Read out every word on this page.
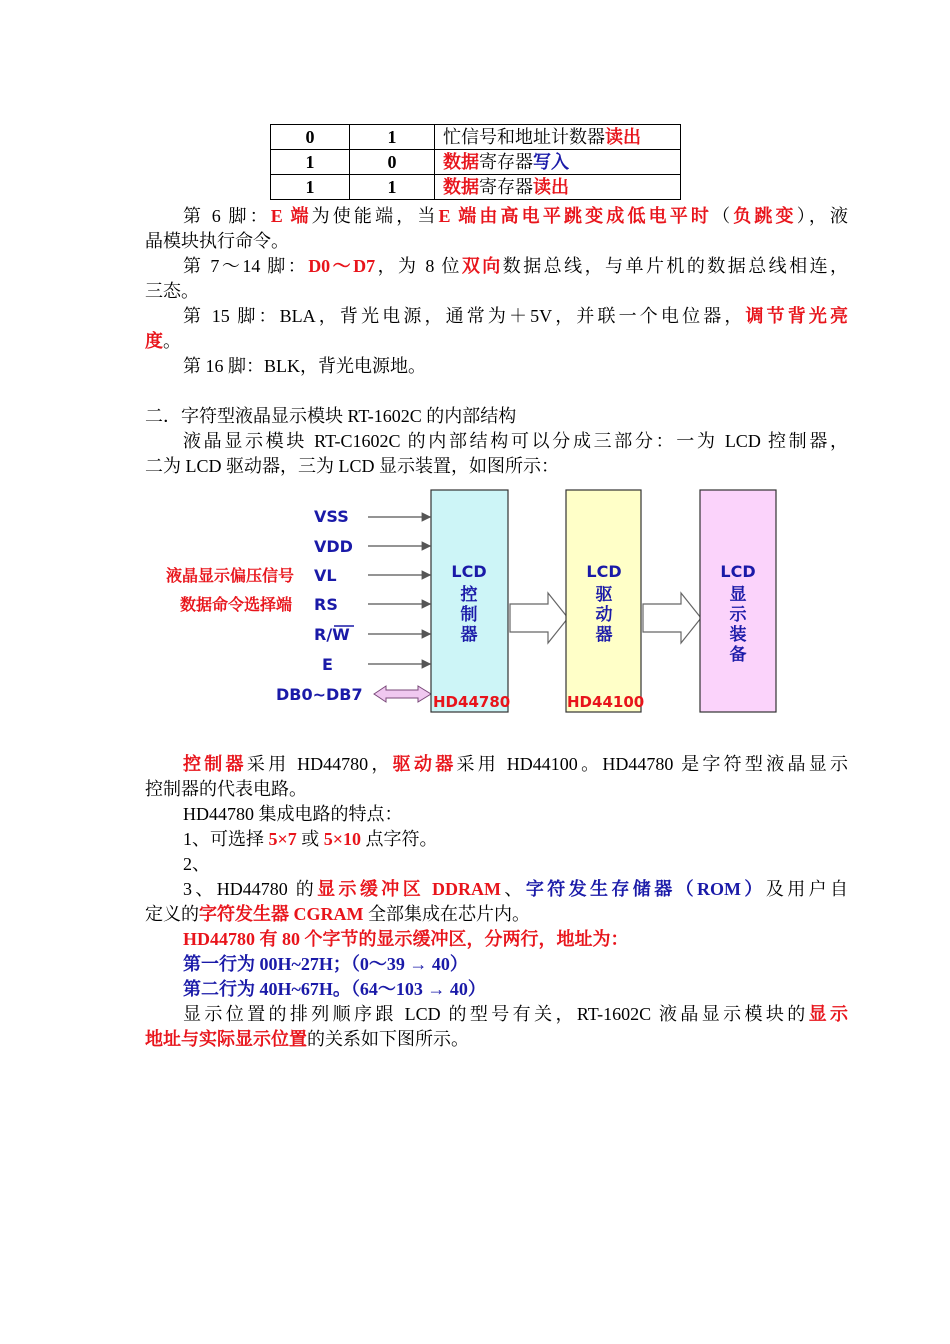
0	1	忙信号和地址计数器读出
1	0	数据寄存器写入
1	1	数据寄存器读出
第 6 脚：E 端为使能端，当E 端由高电平跳变成低电平时（负跳变），液
晶模块执行命令。
第 7～14 脚：D0～D7，为 8 位双向数据总线，与单片机的数据总线相连，
三态。
第 15 脚：BLA，背光电源，通常为＋5V，并联一个电位器，调节背光亮
度。
第 16 脚：BLK，背光电源地。
二．字符型液晶显示模块 RT-1602C 的内部结构
液晶显示模块 RT-C1602C 的内部结构可以分成三部分：一为 LCD 控制器，
二为 LCD 驱动器，三为 LCD 显示装置，如图所示：
VSS
VDD
VL
RS
R/W
E
DB0~DB7
液晶显示偏压信号
数据命令选择端
LCD
控
制
器
HD44780
LCD
驱
动
器
HD44100
LCD
显
示
装
备
控制器采用 HD44780，驱动器采用 HD44100。HD44780 是字符型液晶显示
控制器的代表电路。
HD44780 集成电路的特点：
1、可选择 5×7 或 5×10 点字符。
2、
3、HD44780 的显示缓冲区 DDRAM、字符发生存储器（ROM）及用户自
定义的字符发生器 CGRAM 全部集成在芯片内。
HD44780 有 80 个字节的显示缓冲区，分两行，地址为：
第一行为 00H~27H；（0～39 → 40）
第二行为 40H~67H。（64～103 → 40）
显示位置的排列顺序跟 LCD 的型号有关，RT-1602C 液晶显示模块的显示
地址与实际显示位置的关系如下图所示。
